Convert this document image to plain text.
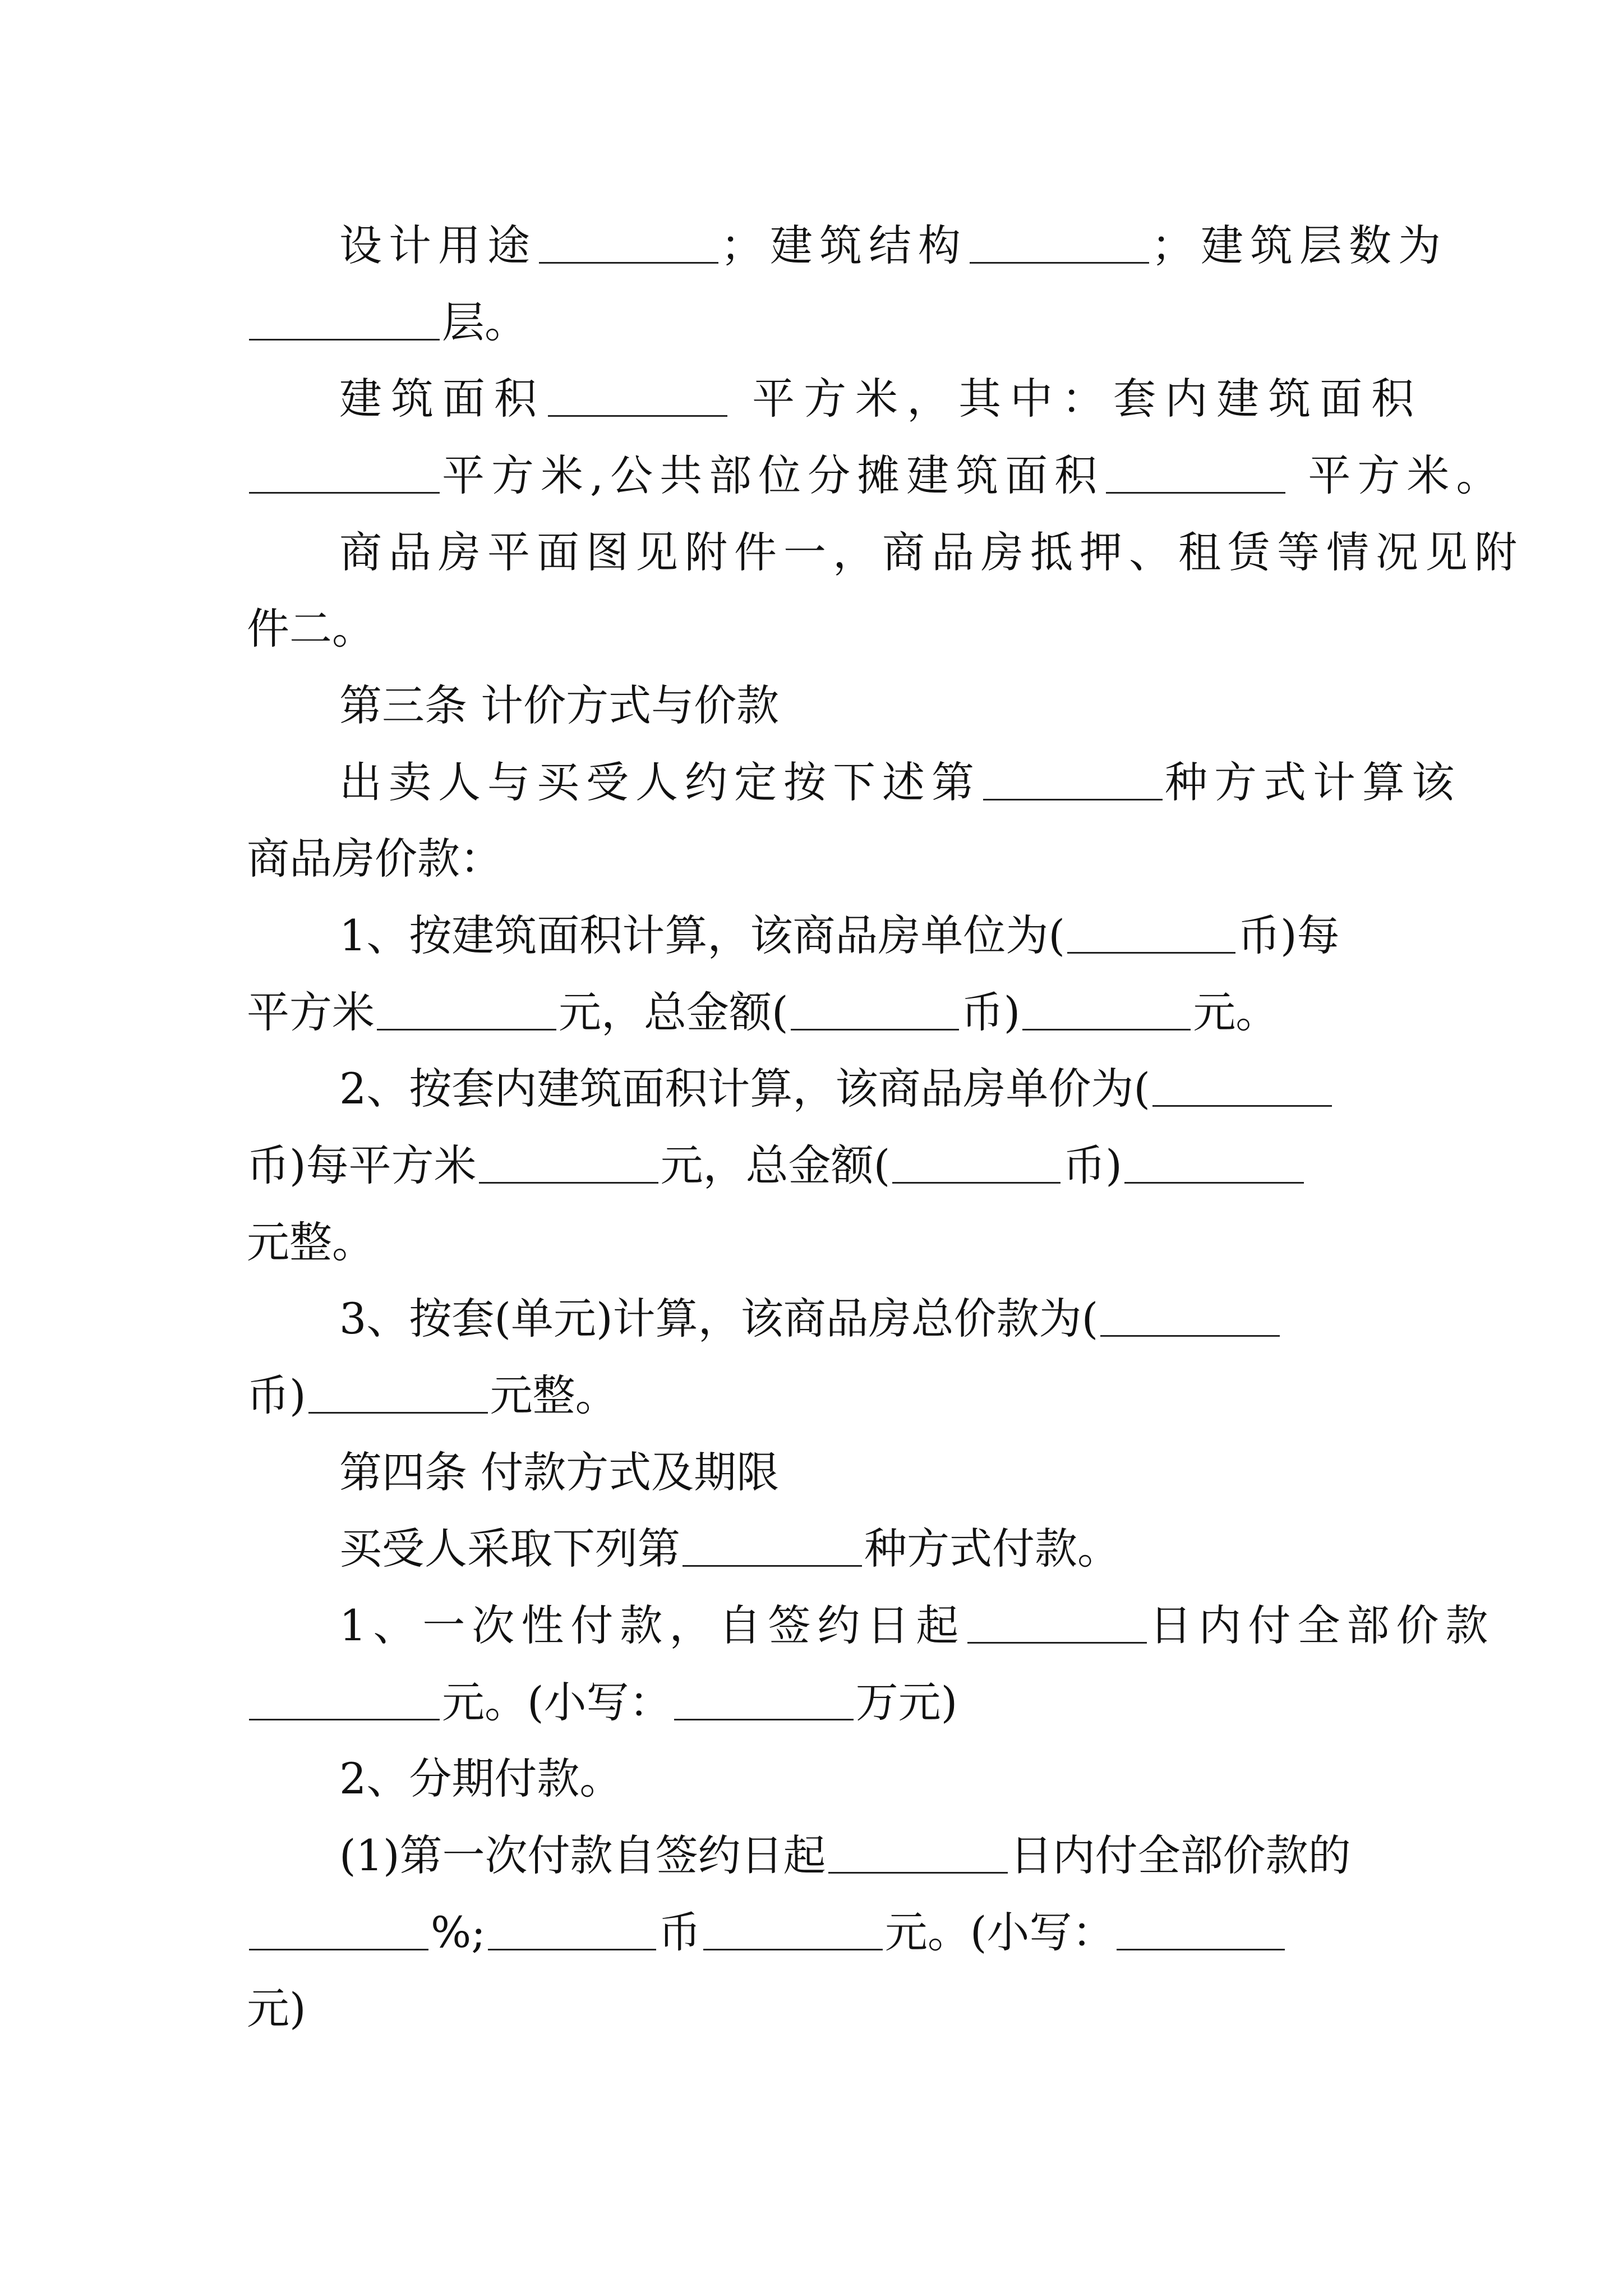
设计用途	；建筑结构	；建筑层数为
层。
建筑面积	平方米，其中：套内建筑面积
平方米,公共部位分摊建筑面积	平方米。
商品房平面图见附件一，商品房抵押、租赁等情况见附
件二。
第三条 计价方式与价款
出卖人与买受人约定按下述第	种方式计算该
商品房价款：
1、按建筑面积计算，该商品房单位为(	币)每
平方米	元，总金额(	币)	元。
2、按套内建筑面积计算，该商品房单价为(
币)每平方米	元，总金额(	币)
元整。
3、按套(单元)计算，该商品房总价款为(
币)	元整。
第四条 付款方式及期限
买受人采取下列第	种方式付款。
1、一次性付款，自签约日起	日内付全部价款
元。(小写：	万元)
2、分期付款。
(1)第一次付款自签约日起	日内付全部价款的
%;	币	元。(小写：
元)
